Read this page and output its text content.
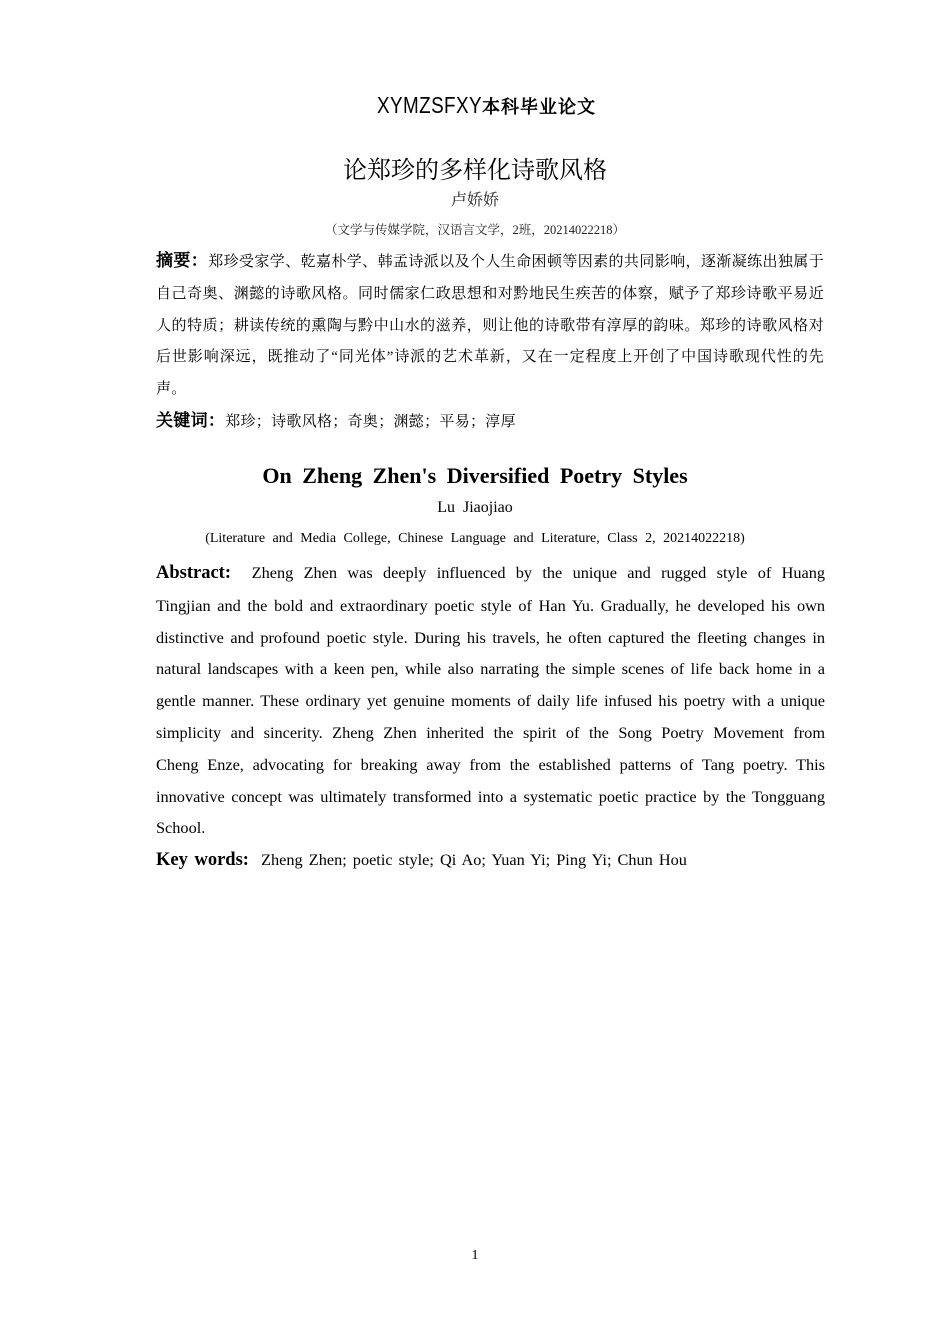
XYMZSFXY本科毕业论文
论郑珍的多样化诗歌风格
卢娇娇
（文学与传媒学院，汉语言文学，2班，20214022218）
摘要：郑珍受家学、乾嘉朴学、韩孟诗派以及个人生命困顿等因素的共同影响，逐渐凝练出独属于自己奇奥、渊懿的诗歌风格。同时儒家仁政思想和对黔地民生疾苦的体察，赋予了郑珍诗歌平易近人的特质；耕读传统的熏陶与黔中山水的滋养，则让他的诗歌带有淳厚的韵味。郑珍的诗歌风格对后世影响深远，既推动了“同光体”诗派的艺术革新，又在一定程度上开创了中国诗歌现代性的先声。
关键词：郑珍；诗歌风格；奇奥；渊懿；平易；淳厚
On Zheng Zhen's Diversified Poetry Styles
Lu Jiaojiao
(Literature and Media College, Chinese Language and Literature, Class 2, 20214022218)
Abstract: Zheng Zhen was deeply influenced by the unique and rugged style of Huang Tingjian and the bold and extraordinary poetic style of Han Yu. Gradually, he developed his own distinctive and profound poetic style. During his travels, he often captured the fleeting changes in natural landscapes with a keen pen, while also narrating the simple scenes of life back home in a gentle manner. These ordinary yet genuine moments of daily life infused his poetry with a unique simplicity and sincerity. Zheng Zhen inherited the spirit of the Song Poetry Movement from Cheng Enze, advocating for breaking away from the established patterns of Tang poetry. This innovative concept was ultimately transformed into a systematic poetic practice by the Tongguang School.
Key words: Zheng Zhen; poetic style; Qi Ao; Yuan Yi; Ping Yi; Chun Hou
1
